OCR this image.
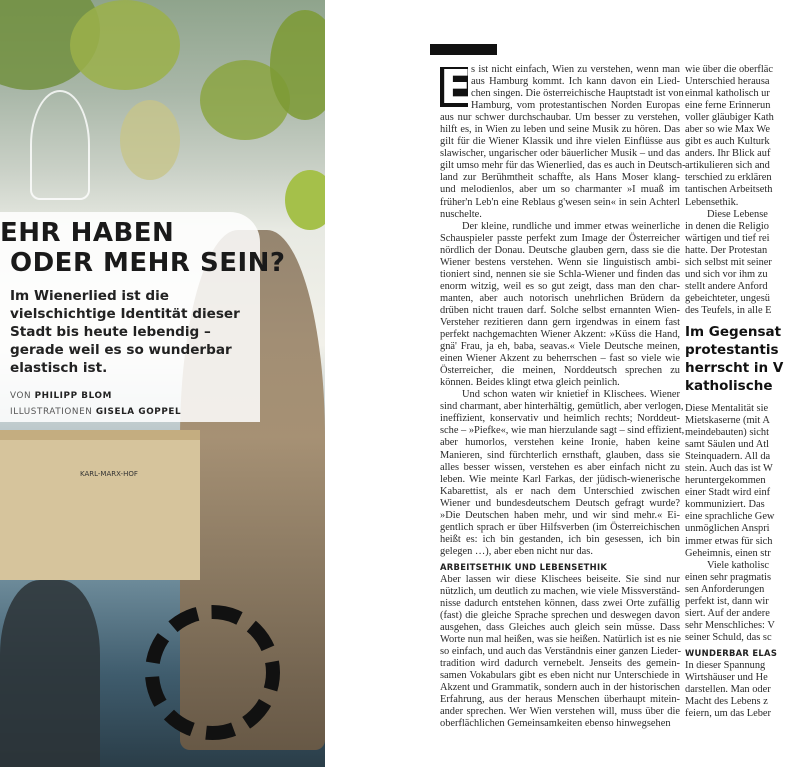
KARL-MARX-HOF
EHR HABEN
ODER MEHR SEIN?
Im Wienerlied ist die
vielschichtige Identität dieser
Stadt bis heute lebendig –
gerade weil es so wunderbar
elastisch ist.
VON PHILIPP BLOM
ILLUSTRATIONEN GISELA GOPPEL
E s ist nicht einfach, Wien zu verstehen, wenn man
aus Hamburg kommt. Ich kann davon ein Lied-
chen singen. Die österreichische Hauptstadt ist von
Hamburg, vom protestantischen Norden Europas
aus nur schwer durchschaubar. Um besser zu verstehen,
hilft es, in Wien zu leben und seine Musik zu hören. Das
gilt für die Wiener Klassik und ihre vielen Einflüsse aus
slawischer, ungarischer oder bäuerlicher Musik – und das
gilt umso mehr für das Wienerlied, das es auch in Deutsch-
land zur Berühmtheit schaffte, als Hans Moser klang-
und melodienlos, aber um so charmanter »I muaß im
früher'n Leb'n eine Reblaus g'wesen sein« in sein Achterl
nuschelte.
Der kleine, rundliche und immer etwas weinerliche
Schauspieler passte perfekt zum Image der Österreicher
nördlich der Donau. Deutsche glauben gern, dass sie die
Wiener bestens verstehen. Wenn sie linguistisch ambi-
tioniert sind, nennen sie sie Schla-Wiener und finden das
enorm witzig, weil es so gut zeigt, dass man den char-
manten, aber auch notorisch unehrlichen Brüdern da
drüben nicht trauen darf. Solche selbst ernannten Wien-
Versteher rezitieren dann gern irgendwas in einem fast
perfekt nachgemachten Wiener Akzent: »Küss die Hand,
gnä' Frau, ja eh, baba, seavas.« Viele Deutsche meinen,
einen Wiener Akzent zu beherrschen – fast so viele wie
Österreicher, die meinen, Norddeutsch sprechen zu
können. Beides klingt etwa gleich peinlich.
Und schon waten wir knietief in Klischees. Wiener
sind charmant, aber hinterhältig, gemütlich, aber verlogen,
ineffizient, konservativ und heimlich rechts; Norddeut-
sche – »Piefke«, wie man hierzulande sagt – sind effizient,
aber humorlos, verstehen keine Ironie, haben keine
Manieren, sind fürchterlich ernsthaft, glauben, dass sie
alles besser wissen, verstehen es aber einfach nicht zu
leben. Wie meinte Karl Farkas, der jüdisch-wienerische
Kabarettist, als er nach dem Unterschied zwischen
Wiener und bundesdeutschem Deutsch gefragt wurde?
»Die Deutschen haben mehr, und wir sind mehr.« Ei-
gentlich sprach er über Hilfsverben (im Österreichischen
heißt es: ich bin gestanden, ich bin gesessen, ich bin
gelegen …), aber eben nicht nur das.
ARBEITSETHIK UND LEBENSETHIK
Aber lassen wir diese Klischees beiseite. Sie sind nur
nützlich, um deutlich zu machen, wie viele Missverständ-
nisse dadurch entstehen können, dass zwei Orte zufällig
(fast) die gleiche Sprache sprechen und deswegen davon
ausgehen, dass Gleiches auch gleich sein müsse. Dass
Worte nun mal heißen, was sie heißen. Natürlich ist es nie
so einfach, und auch das Verständnis einer ganzen Lieder-
tradition wird dadurch vernebelt. Jenseits des gemein-
samen Vokabulars gibt es eben nicht nur Unterschiede in
Akzent und Grammatik, sondern auch in der historischen
Erfahrung, aus der heraus Menschen überhaupt mitein-
ander sprechen. Wer Wien verstehen will, muss über die
oberflächlichen Gemeinsamkeiten ebenso hinwegsehen
wie über die oberfläc
Unterschied herausa
einmal katholisch ur
eine ferne Erinnerun
voller gläubiger Kath
aber so wie Max We
gibt es auch Kulturk
anders. Ihr Blick auf
artikulieren sich and
terschied zu erklären
tantischen Arbeitseth
Lebensethik.
Diese Lebense
in denen die Religio
wärtigen und tief rei
hatte. Der Protestan
sich selbst mit seiner
und sich vor ihm zu
stellt andere Anford
gebeichteter, ungesü
des Teufels, in alle E
Im Gegensat
protestantis
herrscht in V
katholische
Diese Mentalität sie
Mietskaserne (mit A
meindebauten) sicht
samt Säulen und Atl
Steinquadern. All da
stein. Auch das ist W
heruntergekommen
einer Stadt wird einf
kommuniziert. Das
eine sprachliche Gew
unmöglichen Anspri
immer etwas für sich
Geheimnis, einen str
Viele katholisc
einen sehr pragmatis
sen Anforderungen
perfekt ist, dann wir
siert. Auf der andere
sehr Menschliches: V
seiner Schuld, das sc
WUNDERBAR ELAS
In dieser Spannung
Wirtshäuser und He
darstellen. Man oder
Macht des Lebens z
feiern, um das Leber
